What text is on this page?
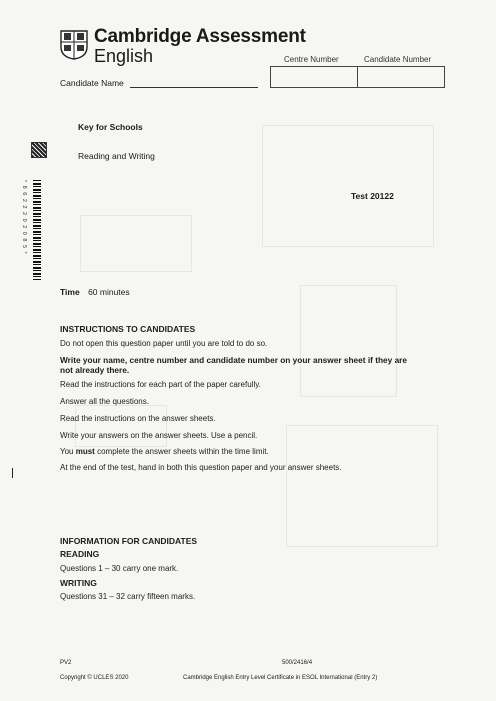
Cambridge Assessment
English	Centre Number	Candidate Number
Candidate Name
Key for Schools
Reading and Writing
Test 20122
* 8 6 2 2 2 0 2 0 8 5 *
Time 60 minutes
INSTRUCTIONS TO CANDIDATES
Do not open this question paper until you are told to do so.
Write your name, centre number and candidate number on your answer sheet if they are
not already there.
Read the instructions for each part of the paper carefully.
Answer all the questions.
Read the instructions on the answer sheets.
Write your answers on the answer sheets. Use a pencil.
You must complete the answer sheets within the time limit.
At the end of the test, hand in both this question paper and your answer sheets.
INFORMATION FOR CANDIDATES
READING
Questions 1 – 30 carry one mark.
WRITING
Questions 31 – 32 carry fifteen marks.
PV2
Copyright © UCLES 2020
500/2416/4
Cambridge English Entry Level Certificate in ESOL International (Entry 2)
